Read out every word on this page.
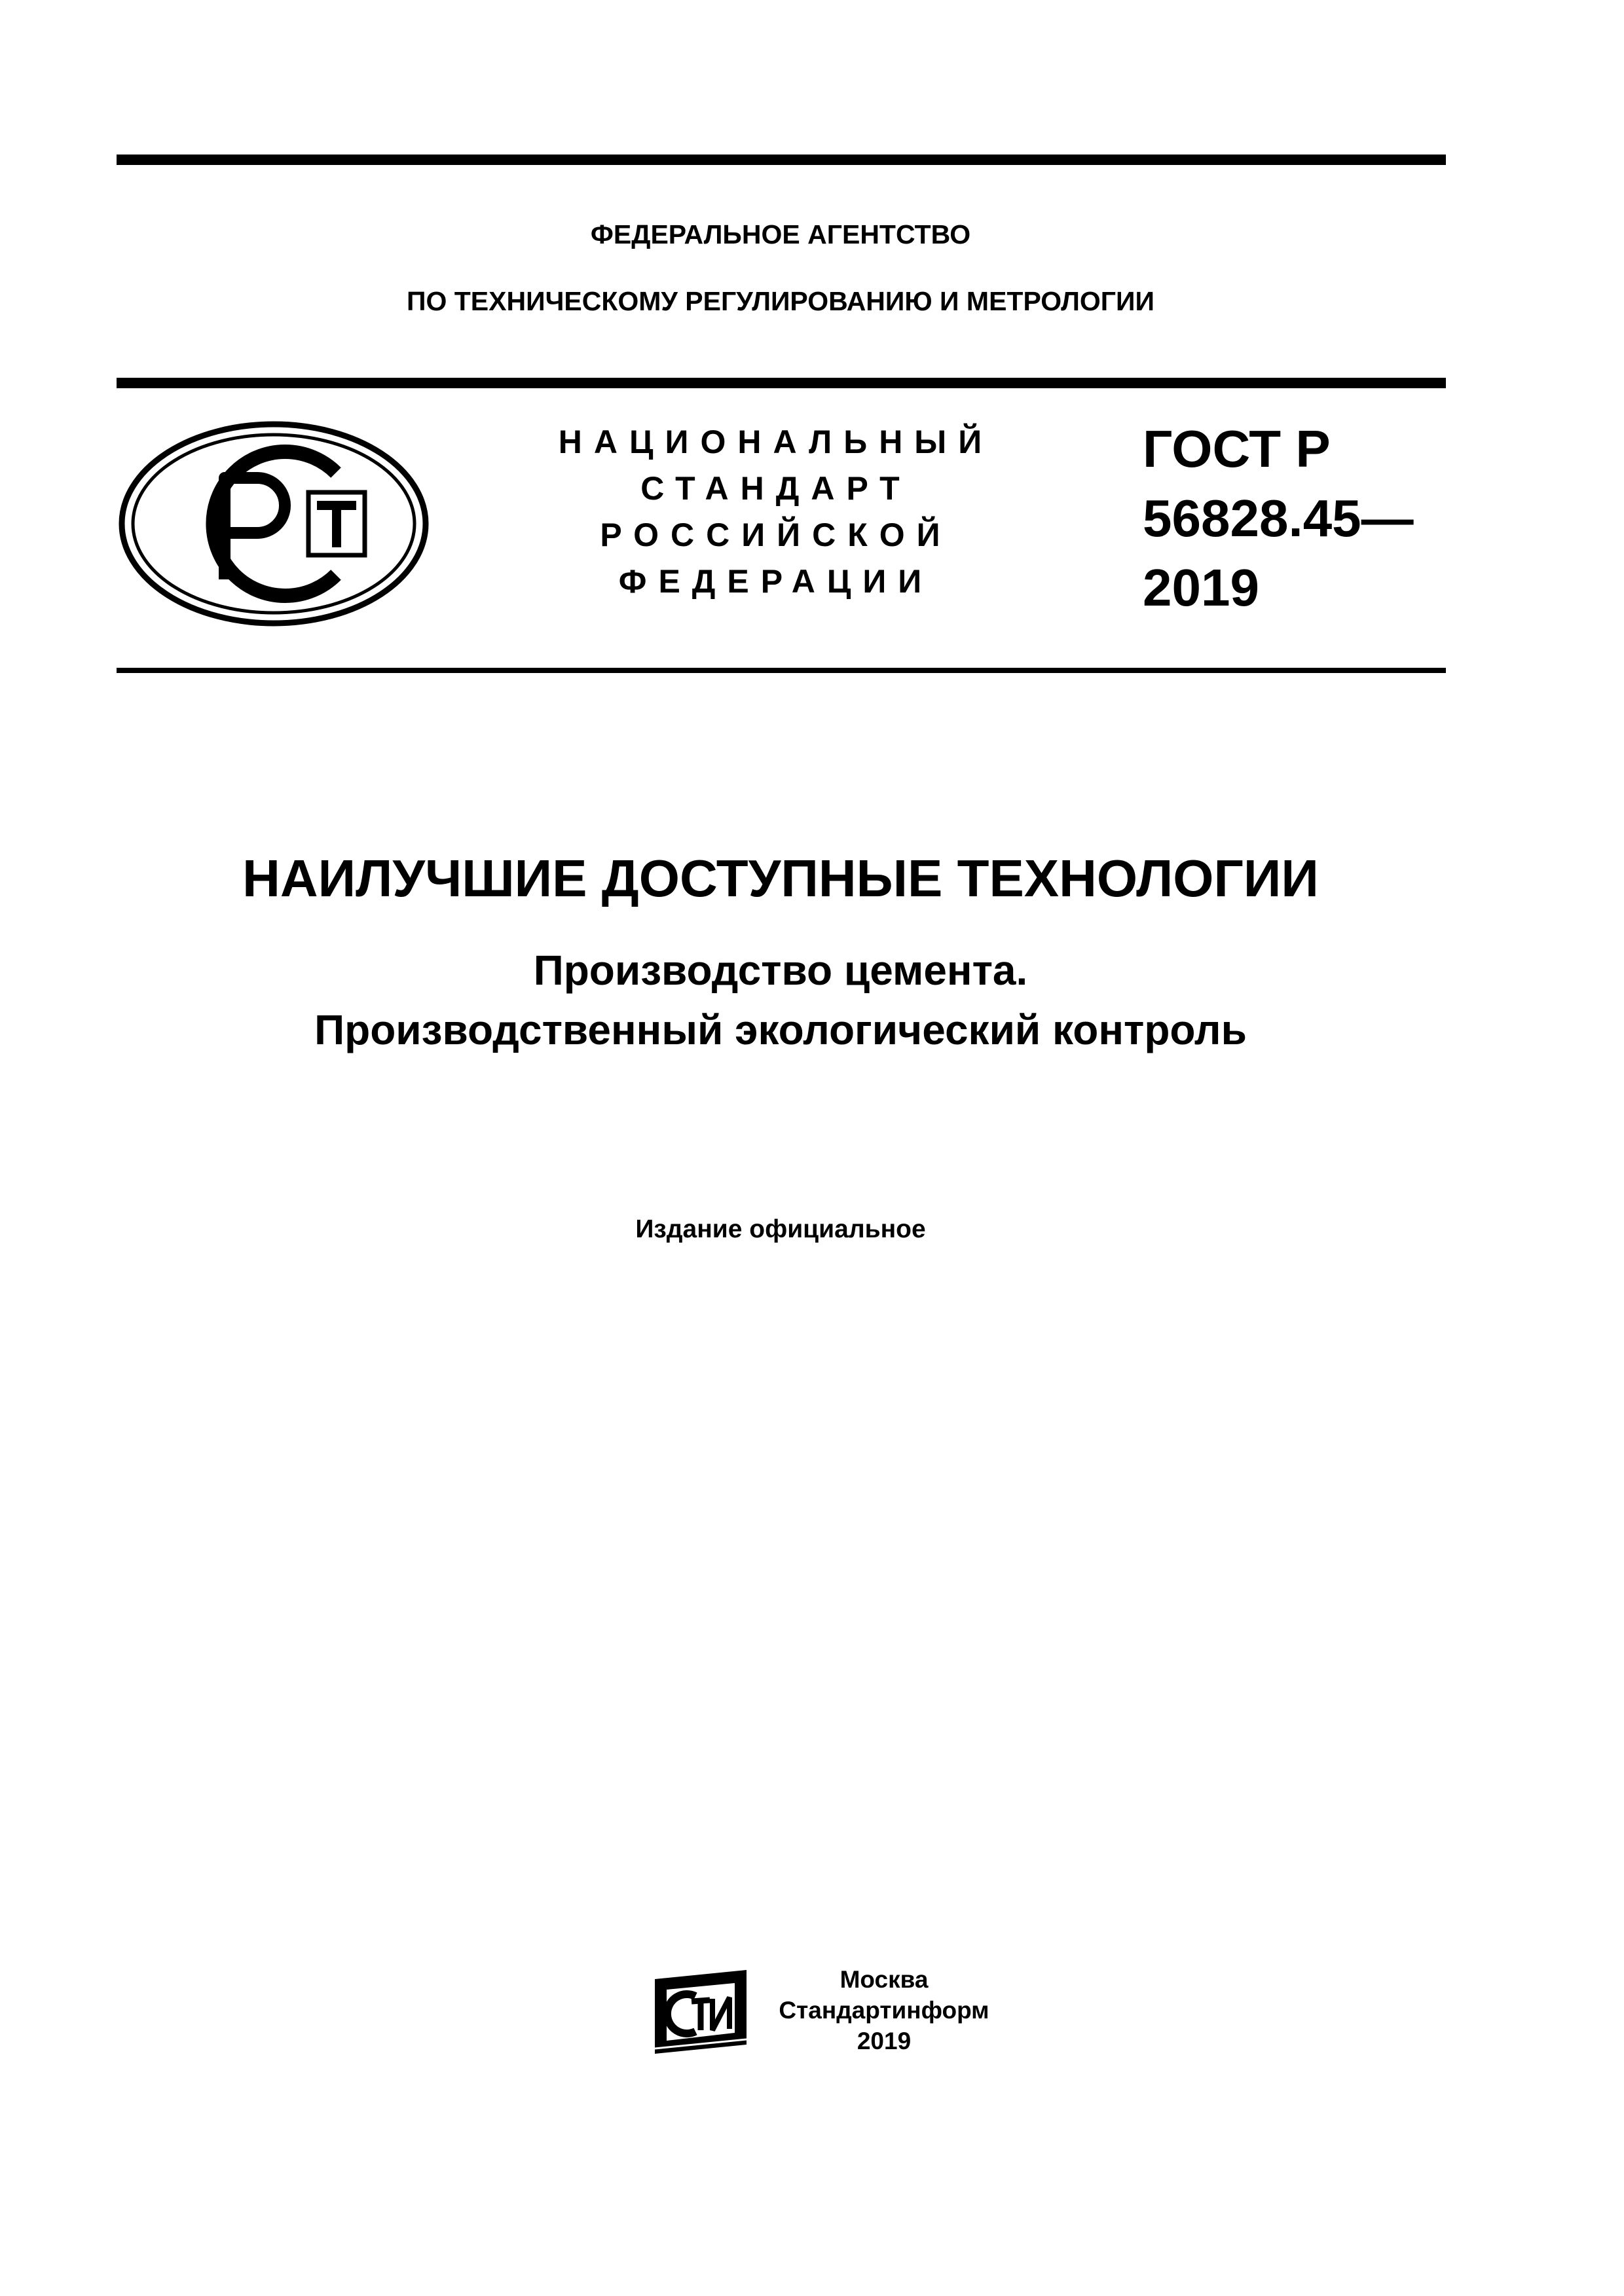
ФЕДЕРАЛЬНОЕ АГЕНТСТВО
ПО ТЕХНИЧЕСКОМУ РЕГУЛИРОВАНИЮ И МЕТРОЛОГИИ
НАЦИОНАЛЬНЫЙ
СТАНДАРТ
РОССИЙСКОЙ
ФЕДЕРАЦИИ
ГОСТ Р
56828.45—
2019
НАИЛУЧШИЕ ДОСТУПНЫЕ ТЕХНОЛОГИИ
Производство цемента.
Производственный экологический контроль
Издание официальное
Москва
Стандартинформ
2019
